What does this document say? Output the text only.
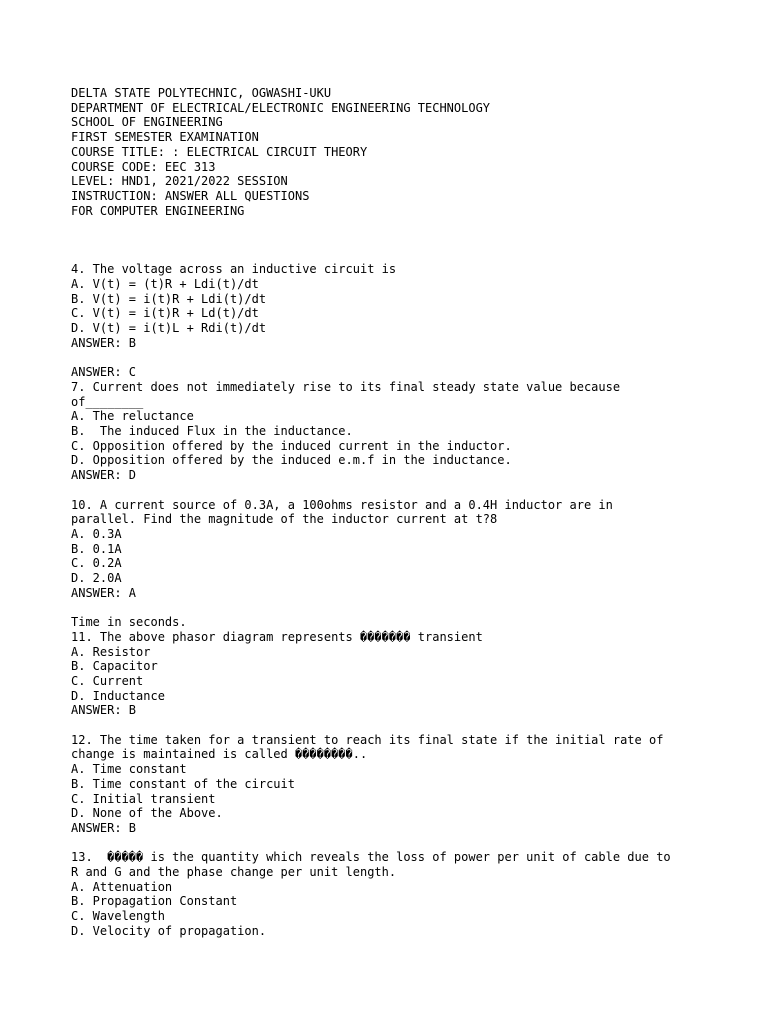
DELTA STATE POLYTECHNIC, OGWASHI-UKU
DEPARTMENT OF ELECTRICAL/ELECTRONIC ENGINEERING TECHNOLOGY
SCHOOL OF ENGINEERING
FIRST SEMESTER EXAMINATION
COURSE TITLE: : ELECTRICAL CIRCUIT THEORY
COURSE CODE: EEC 313
LEVEL: HND1, 2021/2022 SESSION
INSTRUCTION: ANSWER ALL QUESTIONS
FOR COMPUTER ENGINEERING
4. The voltage across an inductive circuit is
A. V(t) = (t)R + Ldi(t)/dt
B. V(t) = i(t)R + Ldi(t)/dt
C. V(t) = i(t)R + Ld(t)/dt
D. V(t) = i(t)L + Rdi(t)/dt
ANSWER: B
ANSWER: C
7. Current does not immediately rise to its final steady state value because
of________
A. The reluctance
B.  The induced Flux in the inductance.
C. Opposition offered by the induced current in the inductor.
D. Opposition offered by the induced e.m.f in the inductance.
ANSWER: D
10. A current source of 0.3A, a 100ohms resistor and a 0.4H inductor are in
parallel. Find the magnitude of the inductor current at t?8
A. 0.3A
B. 0.1A
C. 0.2A
D. 2.0A
ANSWER: A
Time in seconds.
11. The above phasor diagram represents ������� transient
A. Resistor
B. Capacitor
C. Current
D. Inductance
ANSWER: B
12. The time taken for a transient to reach its final state if the initial rate of
change is maintained is called ��������..
A. Time constant
B. Time constant of the circuit
C. Initial transient
D. None of the Above.
ANSWER: B
13.  ����� is the quantity which reveals the loss of power per unit of cable due to
R and G and the phase change per unit length.
A. Attenuation
B. Propagation Constant
C. Wavelength
D. Velocity of propagation.
